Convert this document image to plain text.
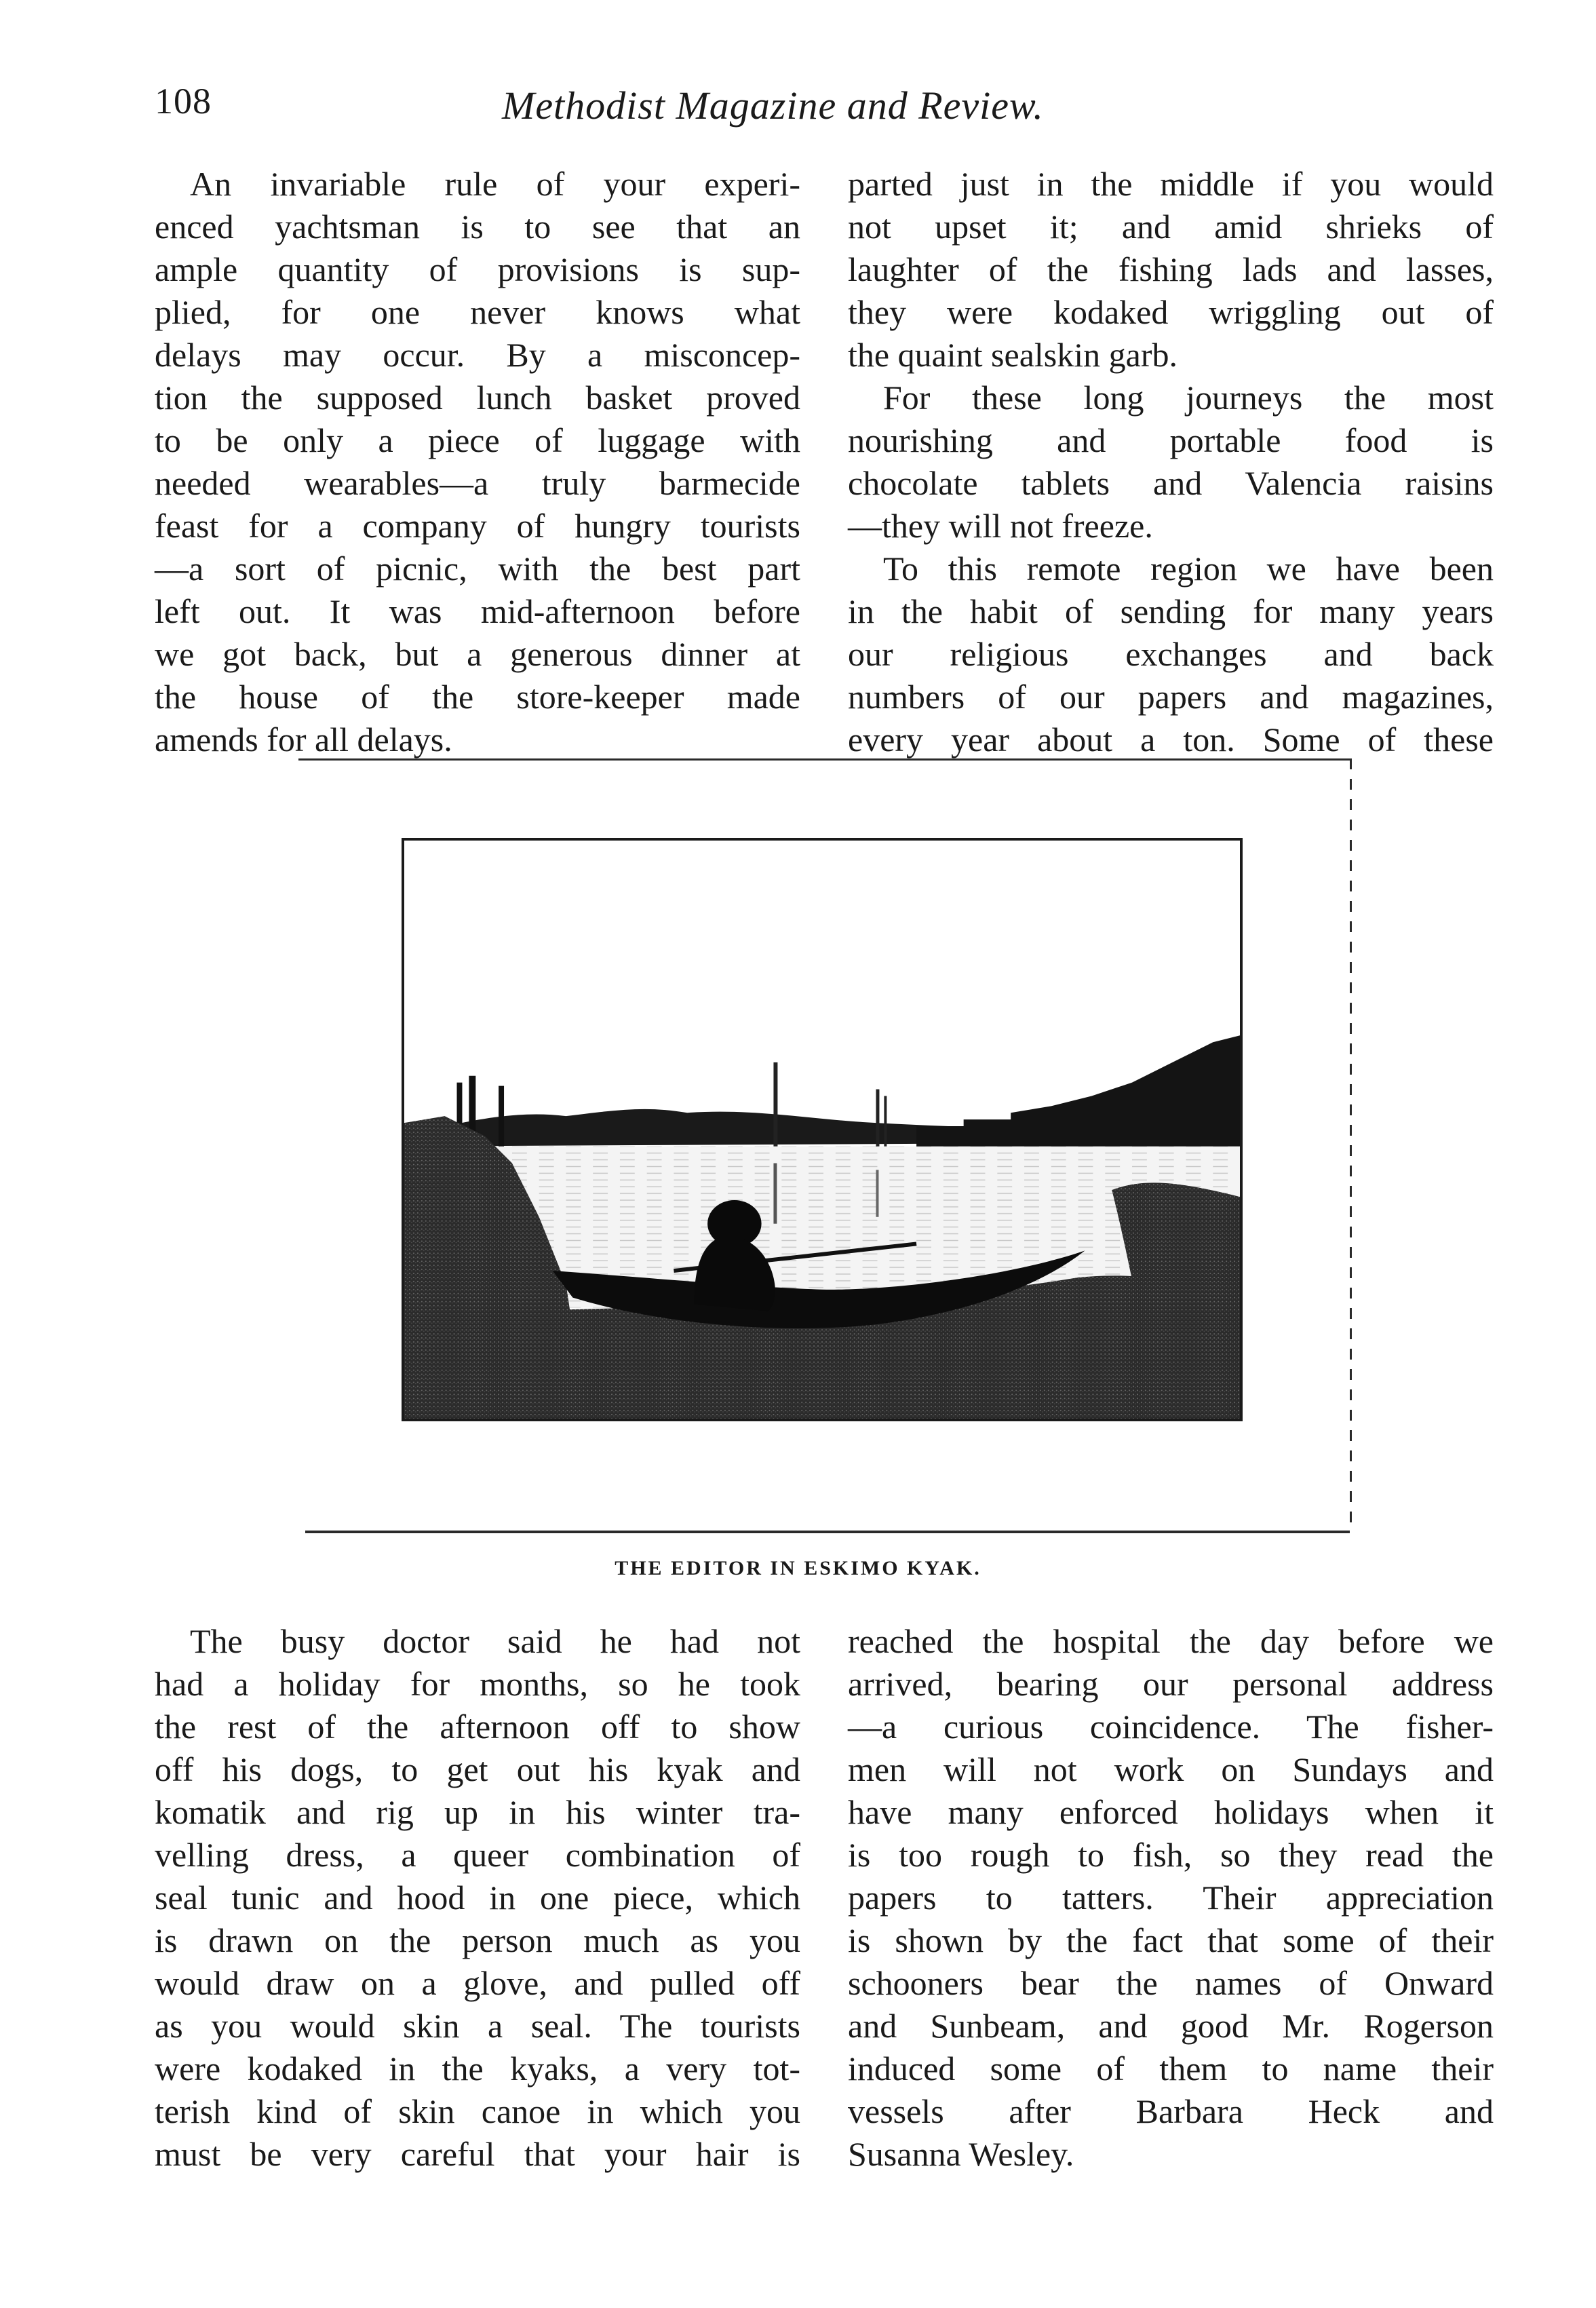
108	Methodist Magazine and Review.
An invariable rule of your experi-
enced yachtsman is to see that an
ample quantity of provisions is sup-
plied, for one never knows what
delays may occur. By a misconcep-
tion the supposed lunch basket proved
to be only a piece of luggage with
needed wearables—a truly barmecide
feast for a company of hungry tourists
—a sort of picnic, with the best part
left out. It was mid-afternoon before
we got back, but a generous dinner at
the house of the store-keeper made
amends for all delays.
parted just in the middle if you would
not upset it; and amid shrieks of
laughter of the fishing lads and lasses,
they were kodaked wriggling out of
the quaint sealskin garb.
For these long journeys the most
nourishing and portable food is
chocolate tablets and Valencia raisins
—they will not freeze.
To this remote region we have been
in the habit of sending for many years
our religious exchanges and back
numbers of our papers and magazines,
every year about a ton. Some of these
THE EDITOR IN ESKIMO KYAK.
The busy doctor said he had not
had a holiday for months, so he took
the rest of the afternoon off to show
off his dogs, to get out his kyak and
komatik and rig up in his winter tra-
velling dress, a queer combination of
seal tunic and hood in one piece, which
is drawn on the person much as you
would draw on a glove, and pulled off
as you would skin a seal. The tourists
were kodaked in the kyaks, a very tot-
terish kind of skin canoe in which you
must be very careful that your hair is
reached the hospital the day before we
arrived, bearing our personal address
—a curious coincidence. The fisher-
men will not work on Sundays and
have many enforced holidays when it
is too rough to fish, so they read the
papers to tatters. Their appreciation
is shown by the fact that some of their
schooners bear the names of Onward
and Sunbeam, and good Mr. Rogerson
induced some of them to name their
vessels after Barbara Heck and
Susanna Wesley.
